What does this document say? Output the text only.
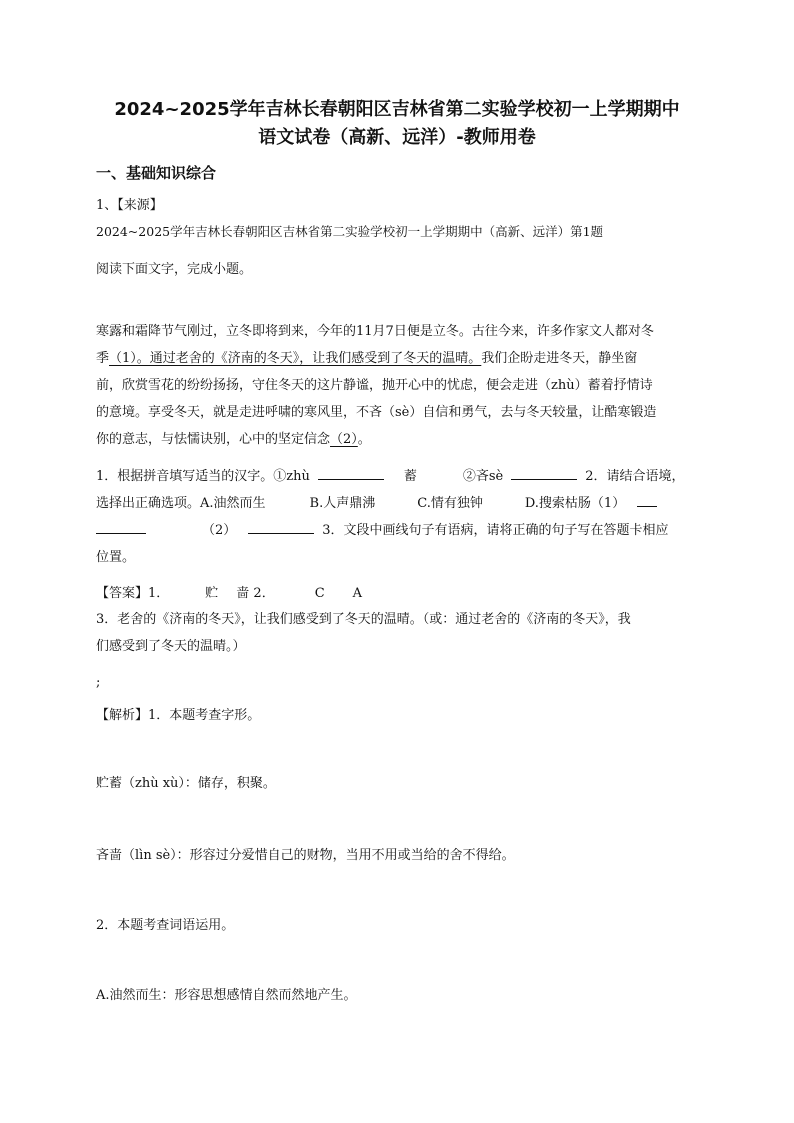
2024~2025学年吉林长春朝阳区吉林省第二实验学校初一上学期期中
语文试卷（高新、远洋）-教师用卷
一、基础知识综合
1、【来源】
2024~2025学年吉林长春朝阳区吉林省第二实验学校初一上学期期中（高新、远洋）第1题
阅读下面文字，完成小题。
寒露和霜降节气刚过，立冬即将到来，今年的11月7日便是立冬。古往今来，许多作家文人都对冬
季（1）。通过老舍的《济南的冬天》，让我们感受到了冬天的温晴。我们企盼走进冬天，静坐窗
前，欣赏雪花的纷纷扬扬，守住冬天的这片静谧，抛开心中的忧虑，便会走进（zhù）蓄着抒情诗
的意境。享受冬天，就是走进呼啸的寒风里，不吝（sè）自信和勇气，去与冬天较量，让酷寒锻造
你的意志，与怯懦诀别，心中的坚定信念（2）。
1．根据拼音填写适当的汉字。①zhù	蓄	②吝sè	2．请结合语境，
选择出正确选项。A.油然而生	B.人声鼎沸	C.情有独钟	D.搜索枯肠（1）
（2）	3．文段中画线句子有语病，请将正确的句子写在答题卡相应
位置。
【答案】1．	贮 啬 2．	C A
3．老舍的《济南的冬天》，让我们感受到了冬天的温晴。（或：通过老舍的《济南的冬天》，我
们感受到了冬天的温晴。）
;
【解析】1．本题考查字形。
贮蓄（zhù xù）：储存，积聚。
吝啬（lìn sè）：形容过分爱惜自己的财物，当用不用或当给的舍不得给。
2．本题考查词语运用。
A.油然而生：形容思想感情自然而然地产生。
